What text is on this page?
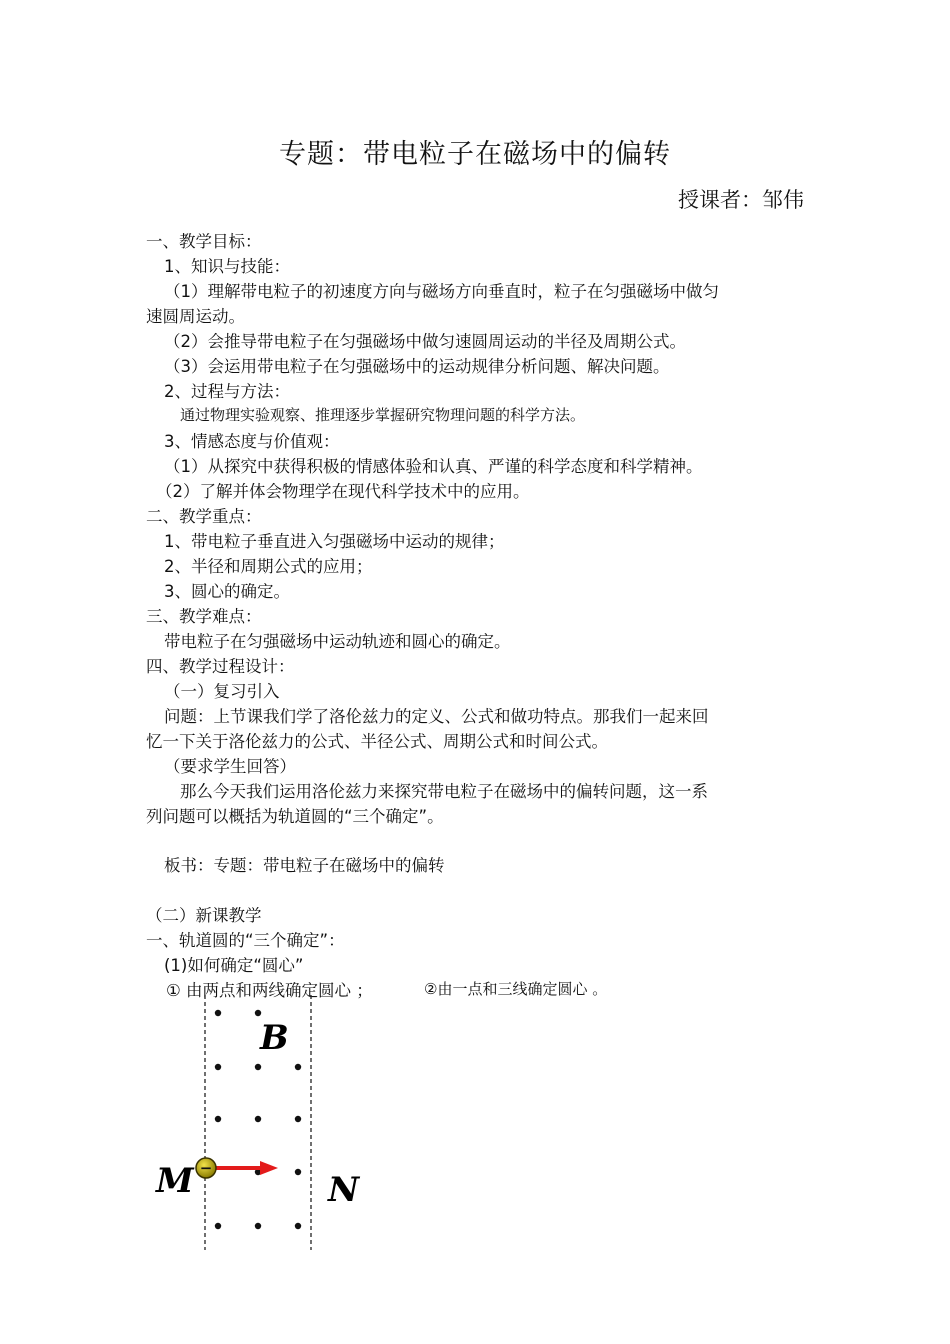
专题：带电粒子在磁场中的偏转
授课者：邹伟
一、教学目标：
1、知识与技能：
（1）理解带电粒子的初速度方向与磁场方向垂直时，粒子在匀强磁场中做匀
速圆周运动。
（2）会推导带电粒子在匀强磁场中做匀速圆周运动的半径及周期公式。
（3）会运用带电粒子在匀强磁场中的运动规律分析问题、解决问题。
2、过程与方法：
通过物理实验观察、推理逐步掌握研究物理问题的科学方法。
3、情感态度与价值观：
（1）从探究中获得积极的情感体验和认真、严谨的科学态度和科学精神。
（2）了解并体会物理学在现代科学技术中的应用。
二、教学重点：
1、带电粒子垂直进入匀强磁场中运动的规律；
2、半径和周期公式的应用；
3、圆心的确定。
三、教学难点：
带电粒子在匀强磁场中运动轨迹和圆心的确定。
四、教学过程设计：
（一）复习引入
问题：上节课我们学了洛伦兹力的定义、公式和做功特点。那我们一起来回
忆一下关于洛伦兹力的公式、半径公式、周期公式和时间公式。
（要求学生回答）
那么今天我们运用洛伦兹力来探究带电粒子在磁场中的偏转问题，这一系
列问题可以概括为轨道圆的“三个确定”。
板书：专题：带电粒子在磁场中的偏转
（二）新课教学
一、轨道圆的“三个确定”：
(1)如何确定“圆心”
① 由两点和两线确定圆心 ；	②由一点和三线确定圆心 。
B
M	N
−
